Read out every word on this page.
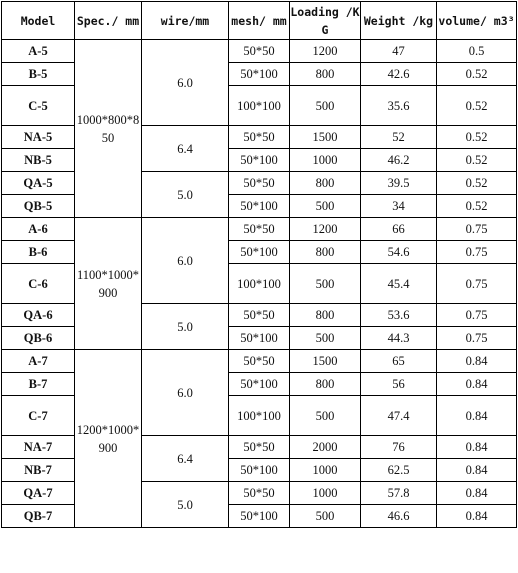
Model	Spec./ mm	wire/mm	mesh/ mm	Loading /KG	Weight /kg	volume/ m3³
A-5	1000*800*850	6.0	50*50	1200	47	0.5
B-5			50*100	800	42.6	0.52
C-5			100*100	500	35.6	0.52
NA-5		6.4	50*50	1500	52	0.52
NB-5			50*100	1000	46.2	0.52
QA-5		5.0	50*50	800	39.5	0.52
QB-5			50*100	500	34	0.52
A-6	1100*1000*900	6.0	50*50	1200	66	0.75
B-6			50*100	800	54.6	0.75
C-6			100*100	500	45.4	0.75
QA-6		5.0	50*50	800	53.6	0.75
QB-6			50*100	500	44.3	0.75
A-7	1200*1000*900	6.0	50*50	1500	65	0.84
B-7			50*100	800	56	0.84
C-7			100*100	500	47.4	0.84
NA-7		6.4	50*50	2000	76	0.84
NB-7			50*100	1000	62.5	0.84
QA-7		5.0	50*50	1000	57.8	0.84
QB-7			50*100	500	46.6	0.84
